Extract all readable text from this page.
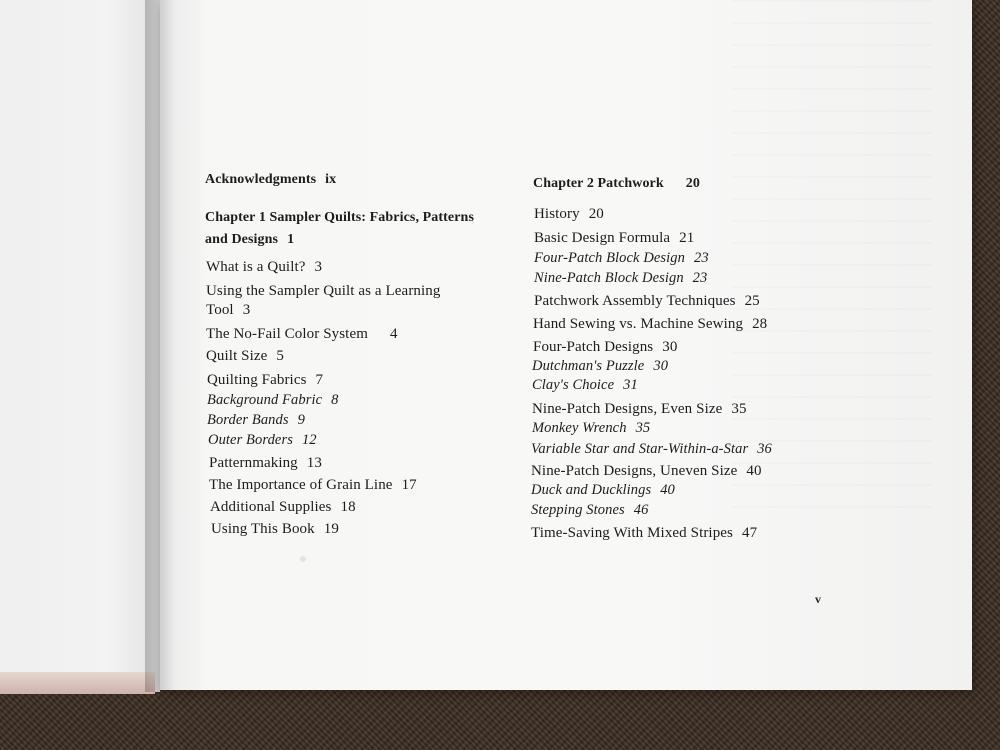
Acknowledgments ix
Chapter 1 Sampler Quilts: Fabrics, Patterns
and Designs 1
What is a Quilt? 3
Using the Sampler Quilt as a Learning
Tool 3
The No-Fail Color System 4
Quilt Size 5
Quilting Fabrics 7
Background Fabric 8
Border Bands 9
Outer Borders 12
Patternmaking 13
The Importance of Grain Line 17
Additional Supplies 18
Using This Book 19
Chapter 2 Patchwork 20
History 20
Basic Design Formula 21
Four-Patch Block Design 23
Nine-Patch Block Design 23
Patchwork Assembly Techniques 25
Hand Sewing vs. Machine Sewing 28
Four-Patch Designs 30
Dutchman's Puzzle 30
Clay's Choice 31
Nine-Patch Designs, Even Size 35
Monkey Wrench 35
Variable Star and Star-Within-a-Star 36
Nine-Patch Designs, Uneven Size 40
Duck and Ducklings 40
Stepping Stones 46
Time-Saving With Mixed Stripes 47
v
